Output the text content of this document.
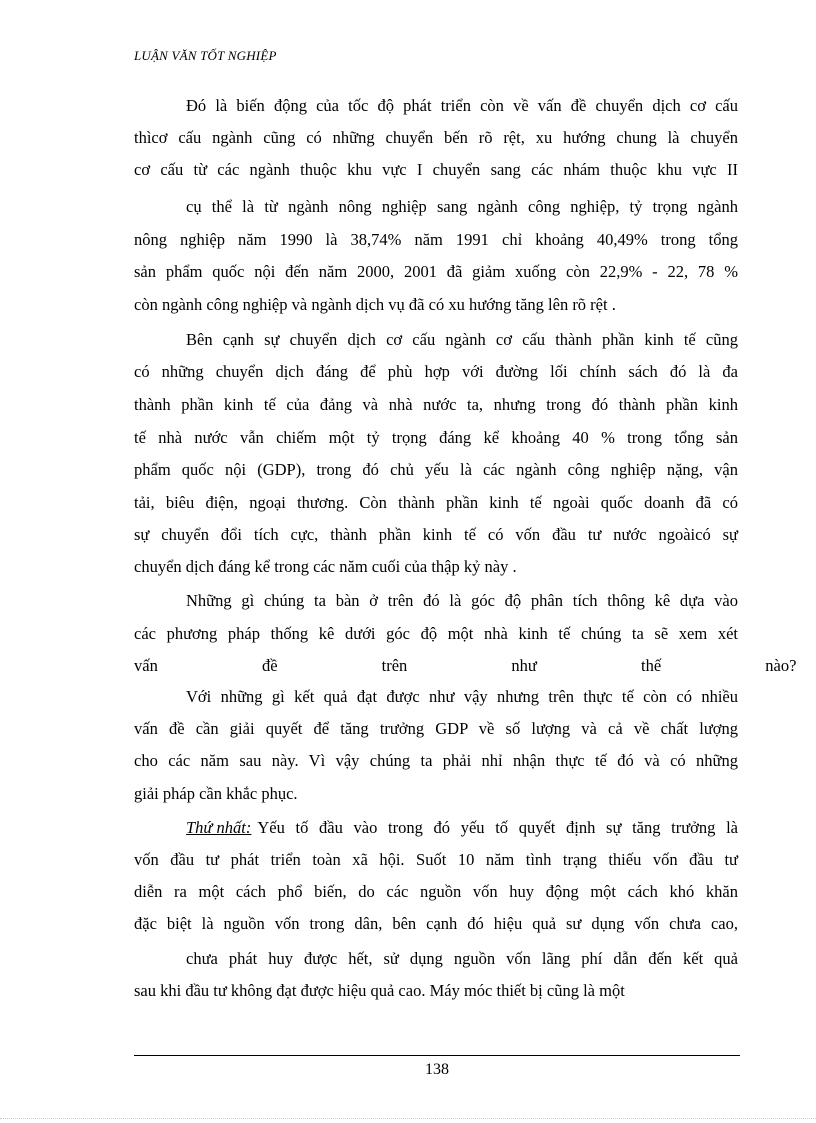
LUẬN VĂN TỐT NGHIỆP
Đó là biến động của tốc độ phát triển còn về vấn đề chuyển dịch cơ cấu
thìcơ cấu ngành cũng có những chuyển bến rõ rệt, xu hướng chung là chuyển
cơ cấu từ các ngành thuộc khu vực I chuyển sang các nhám thuộc khu vực II
cụ thể là từ ngành nông nghiệp sang ngành công nghiệp, tỷ trọng ngành
nông nghiệp năm 1990 là 38,74% năm 1991 chỉ khoảng 40,49% trong tổng
sản phẩm quốc nội đến năm 2000, 2001 đã giảm xuống còn 22,9% - 22, 78 %
còn ngành công nghiệp và ngành dịch vụ đã có xu hướng tăng lên rõ rệt .
Bên cạnh sự chuyển dịch cơ cấu ngành cơ cấu thành phần kinh tế cũng
có những chuyển dịch đáng để phù hợp với đường lối chính sách đó là đa
thành phần kinh tế của đảng và nhà nước ta, nhưng trong đó thành phần kinh
tế nhà nước vẫn chiếm một tỷ trọng đáng kể khoảng 40 % trong tổng sản
phẩm quốc nội (GDP), trong đó chủ yếu là các ngành công nghiệp nặng, vận
tải, biêu điện, ngoại thương. Còn thành phần kinh tế ngoài quốc doanh đã có
sự chuyển đổi tích cực, thành phần kinh tế có vốn đầu tư nước ngoàicó sự
chuyển dịch đáng kể trong các năm cuối của thập kỷ này .
Những gì chúng ta bàn ở trên đó là góc độ phân tích thông kê dựa vào
các phương pháp thống kê dưới góc độ một nhà kinh tế chúng ta sẽ xem xét
vấn đề trên như thế nào?
Với những gì kết quả đạt được như vậy nhưng trên thực tế còn có nhiều
vấn đề cần giải quyết để tăng trưởng GDP về số lượng và cả về chất lượng
cho các năm sau này. Vì vậy chúng ta phải nhỉ nhận thực tế đó và có những
giải pháp cần khắc phục.
Thứ nhất: Yếu tố đầu vào trong đó yếu tố quyết định sự tăng trưởng là
vốn đầu tư phát triển toàn xã hội. Suốt 10 năm tình trạng thiếu vốn đầu tư
diễn ra một cách phổ biến, do các nguồn vốn huy động một cách khó khăn
đặc biệt là nguồn vốn trong dân, bên cạnh đó hiệu quả sư dụng vốn chưa cao,
chưa phát huy được hết, sử dụng nguồn vốn lãng phí dẫn đến kết quả
sau khi đầu tư không đạt được hiệu quả cao. Máy móc thiết bị cũng là một
138
